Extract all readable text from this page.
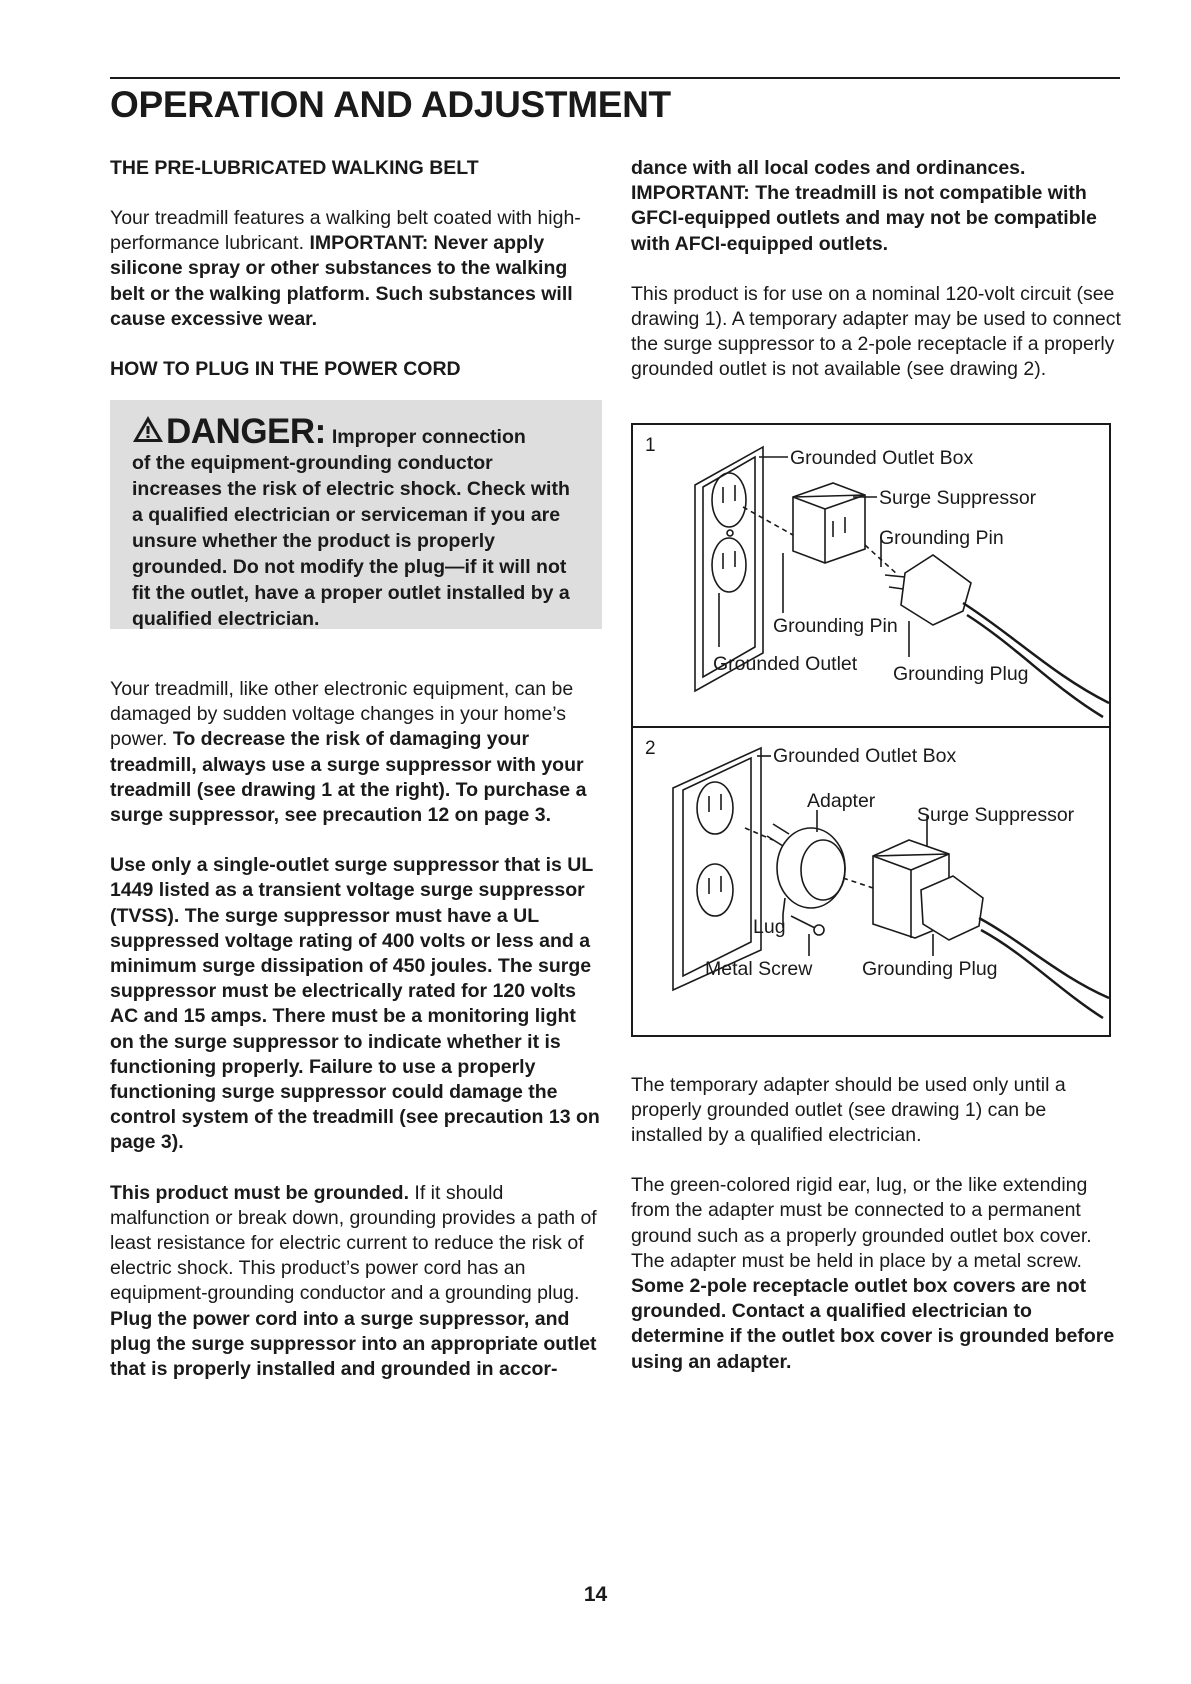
OPERATION AND ADJUSTMENT
THE PRE-LUBRICATED WALKING BELT

Your treadmill features a walking belt coated with high-performance lubricant. IMPORTANT: Never apply silicone spray or other substances to the walking belt or the walking platform. Such substances will cause excessive wear.

HOW TO PLUG IN THE POWER CORD
DANGER: Improper connection
of the equipment-grounding conductor increases the risk of electric shock. Check with a qualified electrician or serviceman if you are unsure whether the product is properly grounded. Do not modify the plug—if it will not fit the outlet, have a proper outlet installed by a qualified electrician.

Your treadmill, like other electronic equipment, can be damaged by sudden voltage changes in your home’s power. To decrease the risk of damaging your treadmill, always use a surge suppressor with your treadmill (see drawing 1 at the right). To purchase a surge suppressor, see precaution 12 on page 3.

Use only a single-outlet surge suppressor that is UL 1449 listed as a transient voltage surge suppressor (TVSS). The surge suppressor must have a UL suppressed voltage rating of 400 volts or less and a minimum surge dissipation of 450 joules. The surge suppressor must be electrically rated for 120 volts AC and 15 amps. There must be a monitoring light on the surge suppressor to indicate whether it is functioning properly. Failure to use a properly functioning surge suppressor could damage the control system of the treadmill (see precaution 13 on page 3).

This product must be grounded. If it should malfunction or break down, grounding provides a path of least resistance for electric current to reduce the risk of electric shock. This product’s power cord has an equipment-grounding conductor and a grounding plug. Plug the power cord into a surge suppressor, and plug the surge suppressor into an appropriate outlet that is properly installed and grounded in accor-

dance with all local codes and ordinances. IMPORTANT: The treadmill is not compatible with GFCI-equipped outlets and may not be compatible with AFCI-equipped outlets.

This product is for use on a nominal 120-volt circuit (see drawing 1). A temporary adapter may be used to connect the surge suppressor to a 2-pole receptacle if a properly grounded outlet is not available (see drawing 2).

1
Grounded Outlet Box
Surge Suppressor
Grounding Pin
Grounding Pin
Grounded Outlet Grounding Plug
2	Grounded Outlet Box
Adapter
Surge Suppressor
Lug
Metal Screw	Grounding Plug

The temporary adapter should be used only until a properly grounded outlet (see drawing 1) can be installed by a qualified electrician.

The green-colored rigid ear, lug, or the like extending from the adapter must be connected to a permanent ground such as a properly grounded outlet box cover. The adapter must be held in place by a metal screw. Some 2-pole receptacle outlet box covers are not grounded. Contact a qualified electrician to determine if the outlet box cover is grounded before using an adapter.

14
